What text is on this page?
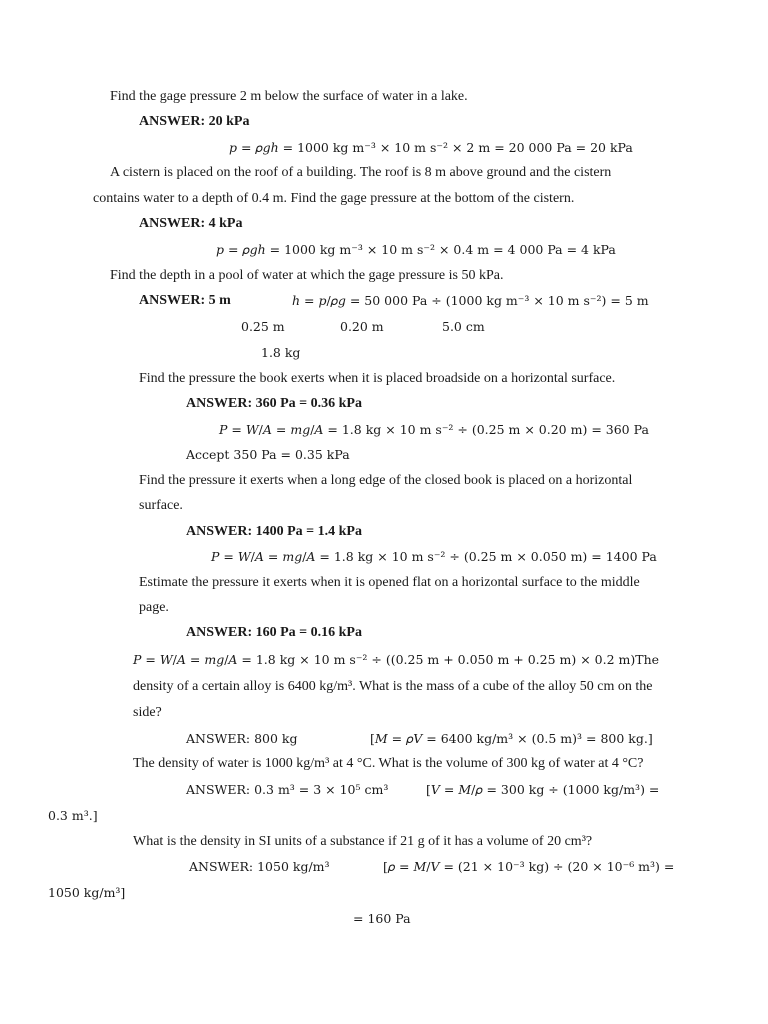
Find the gage pressure 2 m below the surface of water in a lake.
ANSWER: 20 kPa
𝑝 = 𝜌𝑔ℎ = 1000 kg m⁻³ × 10 m s⁻² × 2 m = 20 000 Pa = 20 kPa
A cistern is placed on the roof of a building. The roof is 8 m above ground and the cistern
contains water to a depth of 0.4 m. Find the gage pressure at the bottom of the cistern.
ANSWER: 4 kPa
𝑝 = 𝜌𝑔ℎ = 1000 kg m⁻³ × 10 m s⁻² × 0.4 m = 4 000 Pa = 4 kPa
Find the depth in a pool of water at which the gage pressure is 50 kPa.
ANSWER: 5 m	ℎ = 𝑝/𝜌𝑔 = 50 000 Pa ÷ (1000 kg m⁻³ × 10 m s⁻²) = 5 m
0.25 m	0.20 m	5.0 cm
1.8 kg
Find the pressure the book exerts when it is placed broadside on a horizontal surface.
ANSWER: 360 Pa = 0.36 kPa
𝑃 = 𝑊/𝐴 = 𝑚𝑔/𝐴 = 1.8 kg × 10 m s⁻² ÷ (0.25 m × 0.20 m) = 360 Pa
Accept 350 Pa = 0.35 kPa
Find the pressure it exerts when a long edge of the closed book is placed on a horizontal
surface.
ANSWER: 1400 Pa = 1.4 kPa
𝑃 = 𝑊/𝐴 = 𝑚𝑔/𝐴 = 1.8 kg × 10 m s⁻² ÷ (0.25 m × 0.050 m) = 1400 Pa
Estimate the pressure it exerts when it is opened flat on a horizontal surface to the middle
page.
ANSWER: 160 Pa = 0.16 kPa
𝑃 = 𝑊/𝐴 = 𝑚𝑔/𝐴 = 1.8 kg × 10 m s⁻² ÷ ((0.25 m + 0.050 m + 0.25 m) × 0.2 m)The
density of a certain alloy is 6400 kg/m³. What is the mass of a cube of the alloy 50 cm on the
side?
ANSWER: 800 kg	[𝑀 = 𝜌𝑉 = 6400 kg/m³ × (0.5 m)³ = 800 kg.]
The density of water is 1000 kg/m³ at 4 °C. What is the volume of 300 kg of water at 4 °C?
ANSWER: 0.3 m³ = 3 × 10⁵ cm³	[𝑉 = 𝑀/𝜌 = 300 kg ÷ (1000 kg/m³) =
0.3 m³.]
What is the density in SI units of a substance if 21 g of it has a volume of 20 cm³?
ANSWER: 1050 kg/m³	[𝜌 = 𝑀/𝑉 = (21 × 10⁻³ kg) ÷ (20 × 10⁻⁶ m³) =
1050 kg/m³]
= 160 Pa
